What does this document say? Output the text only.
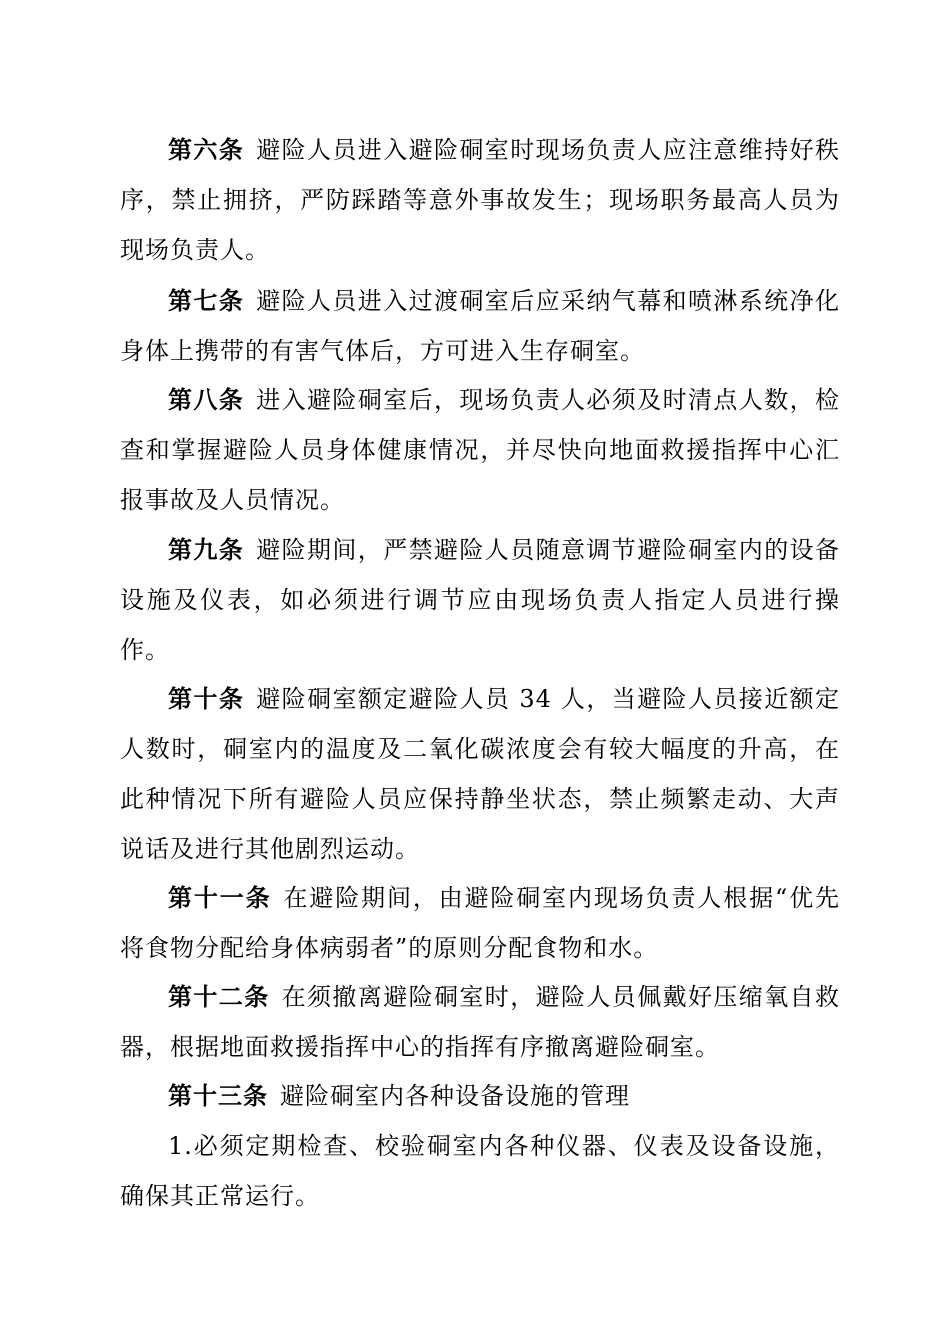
第六条 避险人员进入避险硐室时现场负责人应注意维持好秩序，禁止拥挤，严防踩踏等意外事故发生；现场职务最高人员为现场负责人。

第七条 避险人员进入过渡硐室后应采纳气幕和喷淋系统净化身体上携带的有害气体后，方可进入生存硐室。

第八条 进入避险硐室后，现场负责人必须及时清点人数，检查和掌握避险人员身体健康情况，并尽快向地面救援指挥中心汇报事故及人员情况。

第九条 避险期间，严禁避险人员随意调节避险硐室内的设备设施及仪表，如必须进行调节应由现场负责人指定人员进行操作。

第十条 避险硐室额定避险人员 34 人，当避险人员接近额定人数时，硐室内的温度及二氧化碳浓度会有较大幅度的升高，在此种情况下所有避险人员应保持静坐状态，禁止频繁走动、大声说话及进行其他剧烈运动。

第十一条 在避险期间，由避险硐室内现场负责人根据“优先将食物分配给身体病弱者”的原则分配食物和水。

第十二条 在须撤离避险硐室时，避险人员佩戴好压缩氧自救器，根据地面救援指挥中心的指挥有序撤离避险硐室。

第十三条 避险硐室内各种设备设施的管理

1.必须定期检查、校验硐室内各种仪器、仪表及设备设施，确保其正常运行。
